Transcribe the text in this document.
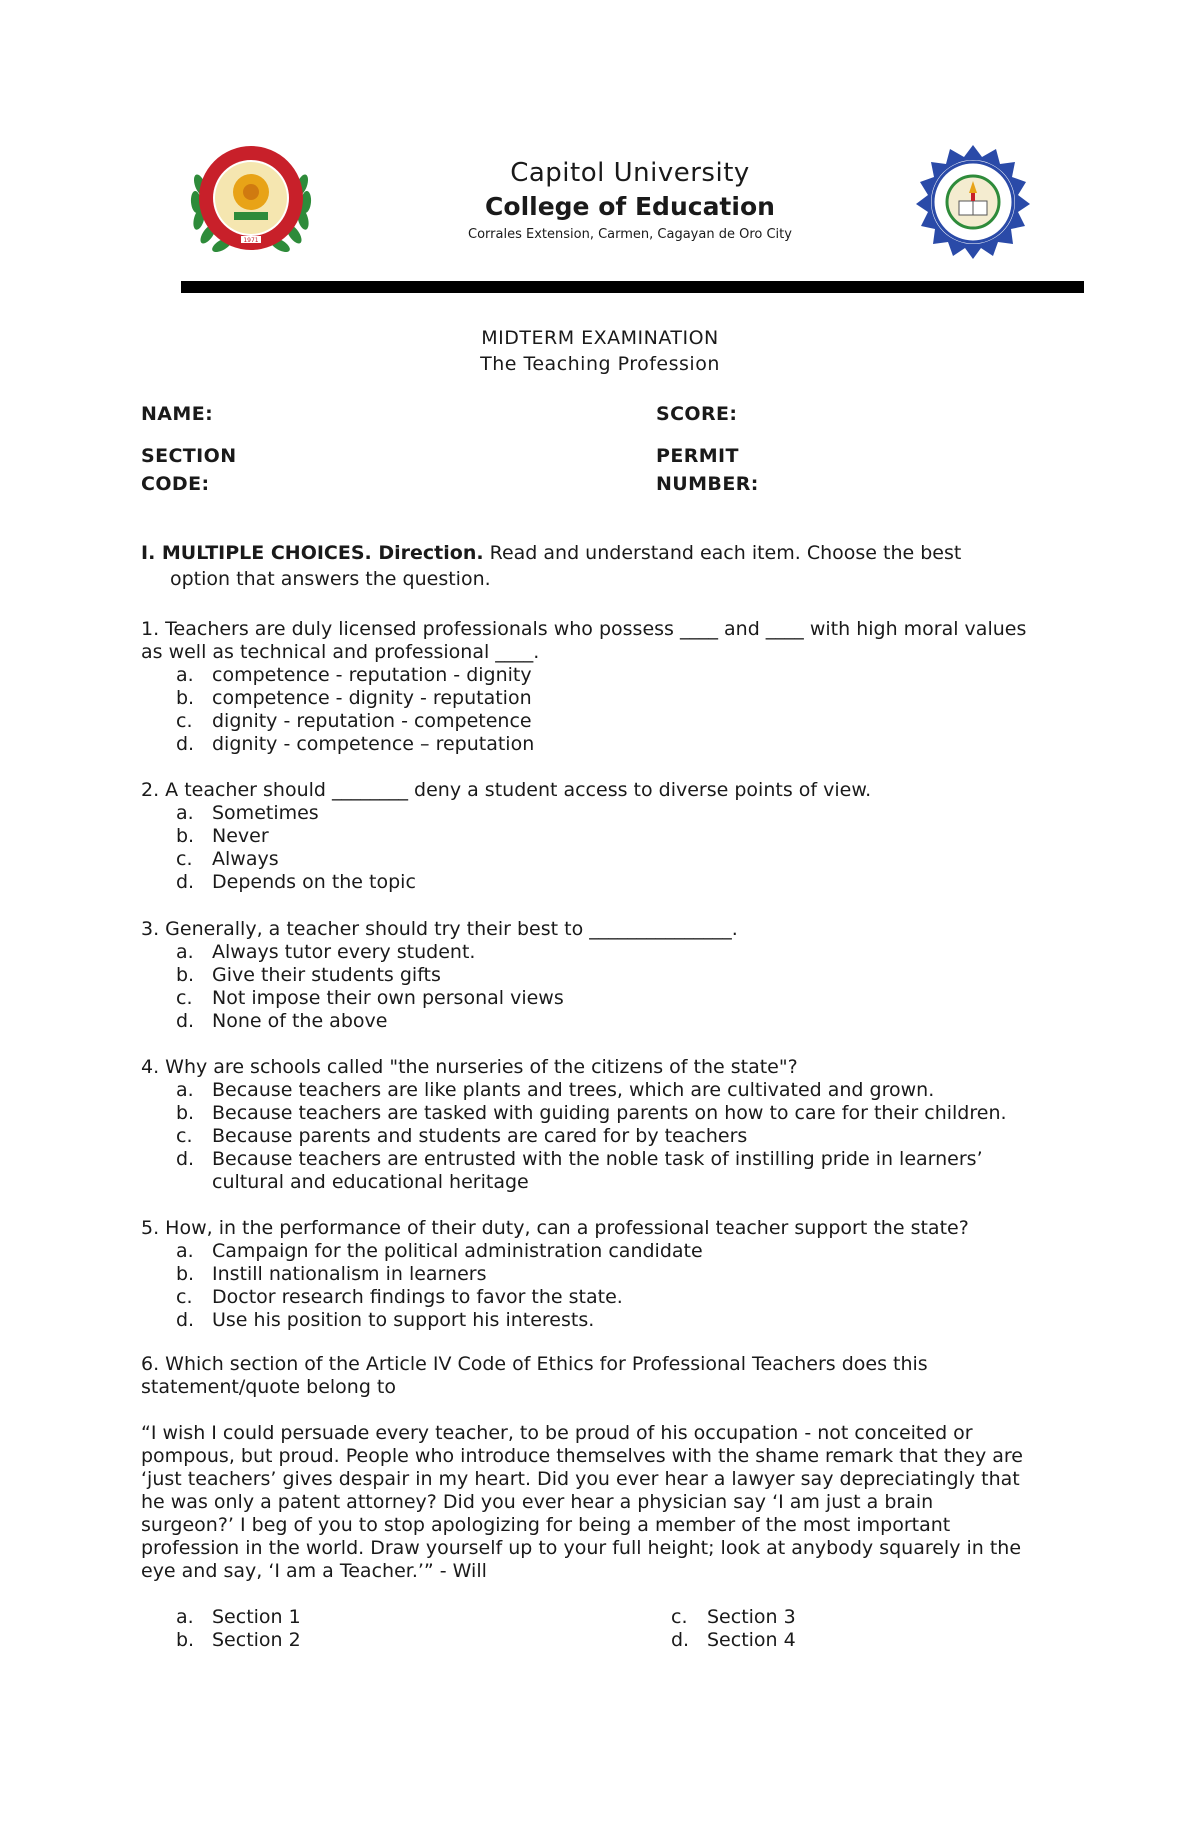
1971
Capitol University
College of Education
Corrales Extension, Carmen, Cagayan de Oro City
MIDTERM EXAMINATION
The Teaching Profession
NAME:	SCORE:
SECTION
CODE:
PERMIT
NUMBER:
I. MULTIPLE CHOICES. Direction. Read and understand each item. Choose the best
option that answers the question.
1. Teachers are duly licensed professionals who possess ____ and ____ with high moral values
as well as technical and professional ____.
a. competence - reputation - dignity
b. competence - dignity - reputation
c. dignity - reputation - competence
d. dignity - competence – reputation
2. A teacher should ________ deny a student access to diverse points of view.
a. Sometimes
b. Never
c. Always
d. Depends on the topic
3. Generally, a teacher should try their best to _______________.
a. Always tutor every student.
b. Give their students gifts
c. Not impose their own personal views
d. None of the above
4. Why are schools called "the nurseries of the citizens of the state"?
a. Because teachers are like plants and trees, which are cultivated and grown.
b. Because teachers are tasked with guiding parents on how to care for their children.
c. Because parents and students are cared for by teachers
d. Because teachers are entrusted with the noble task of instilling pride in learners’ cultural and educational heritage
5. How, in the performance of their duty, can a professional teacher support the state?
a. Campaign for the political administration candidate
b. Instill nationalism in learners
c. Doctor research findings to favor the state.
d. Use his position to support his interests.
6. Which section of the Article IV Code of Ethics for Professional Teachers does this
statement/quote belong to
“I wish I could persuade every teacher, to be proud of his occupation - not conceited or
pompous, but proud. People who introduce themselves with the shame remark that they are
‘just teachers’ gives despair in my heart. Did you ever hear a lawyer say depreciatingly that
he was only a patent attorney? Did you ever hear a physician say ‘I am just a brain
surgeon?’ I beg of you to stop apologizing for being a member of the most important
profession in the world. Draw yourself up to your full height; look at anybody squarely in the
eye and say, ‘I am a Teacher.’” - Will
a. Section 1
b. Section 2
c. Section 3
d. Section 4
